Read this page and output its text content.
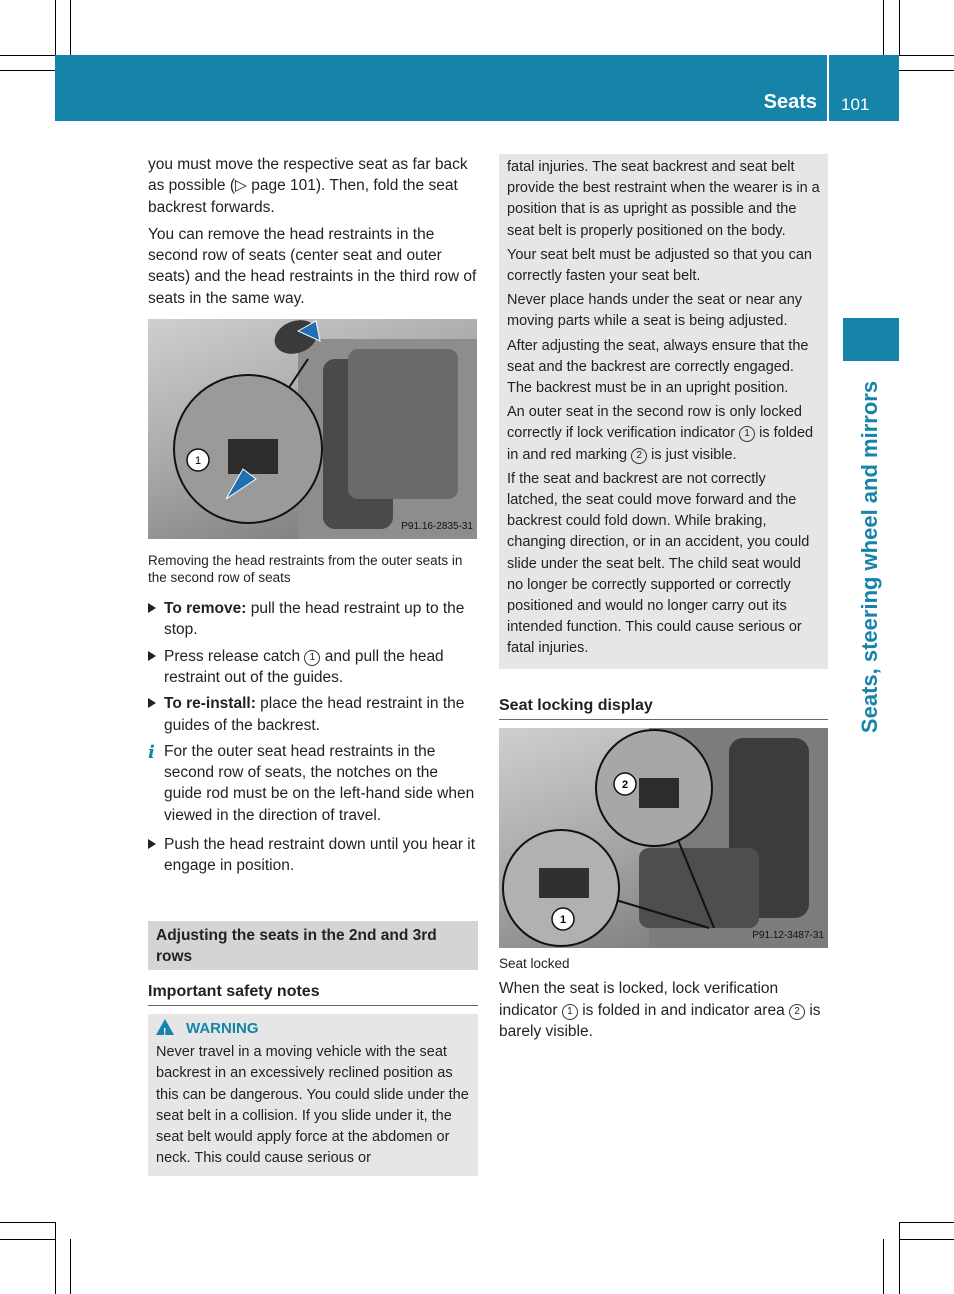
Seats 101
Seats, steering wheel and mirrors

you must move the respective seat as far back as possible (▷ page 101). Then, fold the seat backrest forwards.

You can remove the head restraints in the second row of seats (center seat and outer seats) and the head restraints in the third row of seats in the same way.

1
P91.16-2835-31
Removing the head restraints from the outer seats in the second row of seats
To remove: pull the head restraint up to the stop.
Press release catch 1 and pull the head restraint out of the guides.
To re-install: place the head restraint in the guides of the backrest.
i For the outer seat head restraints in the second row of seats, the notches on the guide rod must be on the left-hand side when viewed in the direction of travel.
Push the head restraint down until you hear it engage in position.
Adjusting the seats in the 2nd and 3rd rows
Important safety notes
!WARNING

Never travel in a moving vehicle with the seat backrest in an excessively reclined position as this can be dangerous. You could slide under the seat belt in a collision. If you slide under it, the seat belt would apply force at the abdomen or neck. This could cause serious or

fatal injuries. The seat backrest and seat belt provide the best restraint when the wearer is in a position that is as upright as possible and the seat belt is properly positioned on the body.

Your seat belt must be adjusted so that you can correctly fasten your seat belt.

Never place hands under the seat or near any moving parts while a seat is being adjusted.

After adjusting the seat, always ensure that the seat and the backrest are correctly engaged. The backrest must be in an upright position.

An outer seat in the second row is only locked correctly if lock verification indicator 1 is folded in and red marking 2 is just visible.

If the seat and backrest are not correctly latched, the seat could move forward and the backrest could fold down. While braking, changing direction, or in an accident, you could slide under the seat belt. The child seat would no longer be correctly supported or correctly positioned and would no longer carry out its intended function. This could cause serious or fatal injuries.

Seat locking display
2
1
P91.12-3487-31
Seat locked

When the seat is locked, lock verification indicator 1 is folded in and indicator area 2 is barely visible.
